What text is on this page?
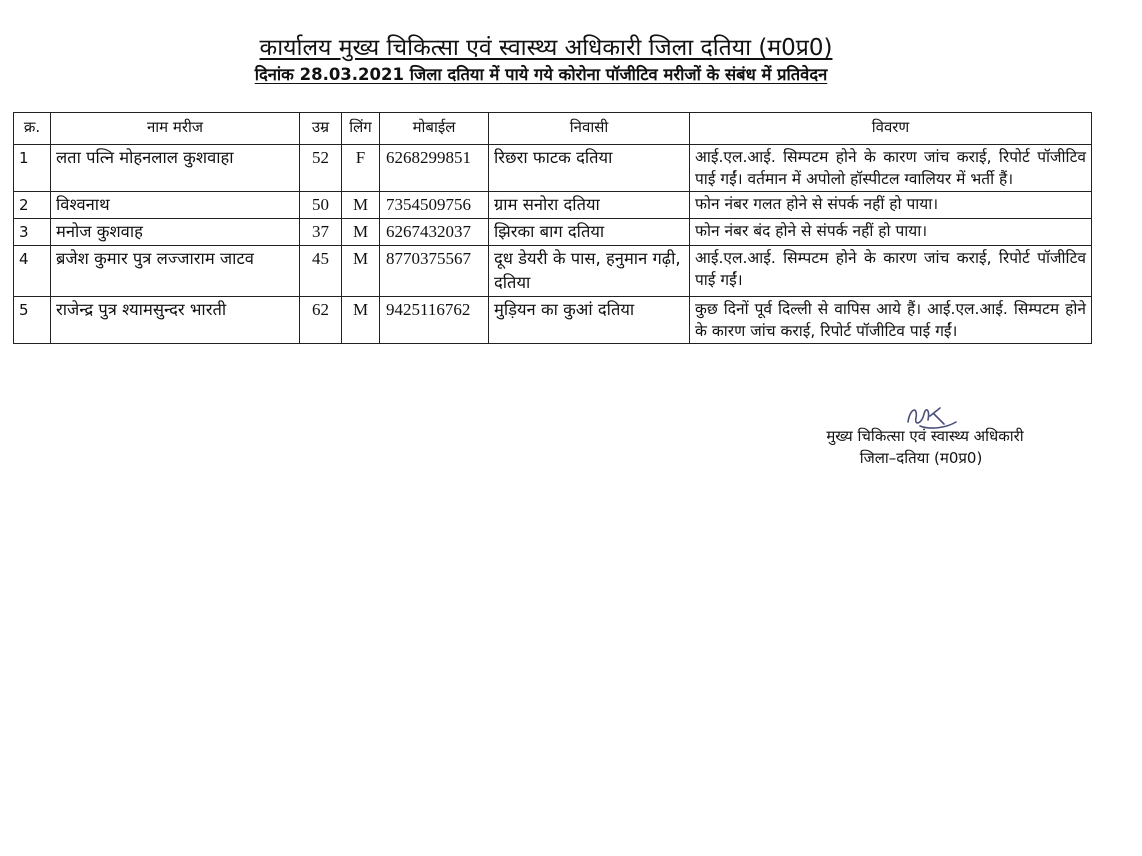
कार्यालय मुख्य चिकित्सा एवं स्वास्थ्य अधिकारी जिला दतिया (म0प्र0)
दिनांक 28.03.2021 जिला दतिया में पाये गये कोरोना पॉजीटिव मरीजों के संबंध में प्रतिवेदन
क्र.	नाम मरीज	उम्र	लिंग	मोबाईल	निवासी	विवरण
1	लता पत्नि मोहनलाल कुशवाहा	52	F	6268299851	रिछरा फाटक दतिया	आई.एल.आई. सिम्पटम होने के कारण जांच कराई, रिपोर्ट पॉजीटिव पाई गईं। वर्तमान में अपोलो हॉस्पीटल ग्वालियर में भर्ती हैं।
2	विश्वनाथ	50	M	7354509756	ग्राम सनोरा दतिया	फोन नंबर गलत होने से संपर्क नहीं हो पाया।
3	मनोज कुशवाह	37	M	6267432037	झिरका बाग दतिया	फोन नंबर बंद होने से संपर्क नहीं हो पाया।
4	ब्रजेश कुमार पुत्र लज्जाराम जाटव	45	M	8770375567	दूध डेयरी के पास, हनुमान गढ़ी, दतिया	आई.एल.आई. सिम्पटम होने के कारण जांच कराई, रिपोर्ट पॉजीटिव पाई गईं।
5	राजेन्द्र पुत्र श्यामसुन्दर भारती	62	M	9425116762	मुड़ियन का कुआं दतिया	कुछ दिनों पूर्व दिल्ली से वापिस आये हैं। आई.एल.आई. सिम्पटम होने के कारण जांच कराई, रिपोर्ट पॉजीटिव पाई गईं।
मुख्य चिकित्सा एवं स्वास्थ्य अधिकारी
जिला–दतिया (म0प्र0)
